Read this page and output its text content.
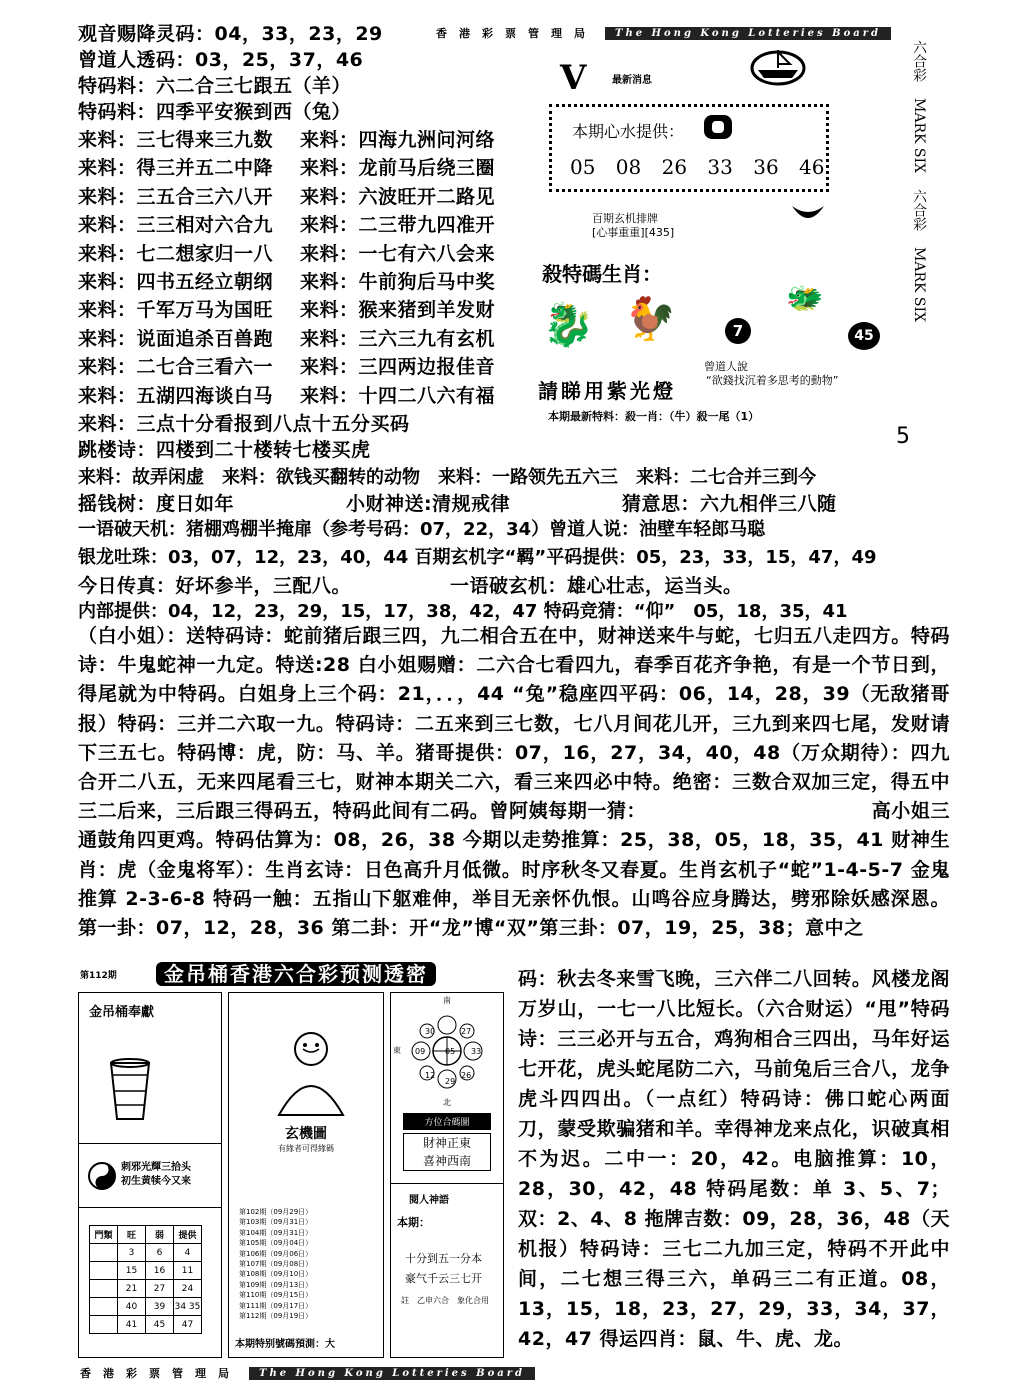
香港彩票管理局	The Hong Kong Lotteries Board
观音赐降灵码：04，33，23，29
曾道人透码：03，25，37，46
特码料：六二合三七跟五（羊）
特码料：四季平安猴到西（兔）
来料：三七得来三九数 来料：四海九洲问河络
来料：得三并五二中降 来料：龙前马后绕三圈
来料：三五合三六八开 来料：六波旺开二路见
来料：三三相对六合九 来料：二三带九四准开
来料：七二想家归一八 来料：一七有六八会来
来料：四书五经立朝纲 来料：牛前狗后马中奖
来料：千军万马为国旺 来料：猴来猪到羊发财
来料：说面追杀百兽跑 来料：三六三九有玄机
来料：二七合三看六一 来料：三四两边报佳音
来料：五湖四海谈白马 来料：十四二八六有福
来料：三点十分看报到八点十五分买码
跳楼诗：四楼到二十楼转七楼买虎
来料：故弄闲虚　来料：欲钱买翻转的动物　来料：一路领先五六三　来料：二七合并三到今
摇钱树：度日如年	小财神送:清规戒律	猜意思：六九相伴三八随
一语破天机：猪棚鸡棚半掩扉（参考号码：07，22，34）曾道人说：油壁车轻郎马聪
银龙吐珠：03，07，12，23，40，44 百期玄机字“羁”平码提供：05，23，33，15，47，49
今日传真：好坏参半，三配八。	一语破玄机：雄心壮志，运当头。
内部提供：04，12，23，29，15，17，38，42，47 特码竞猜：“仰”　05，18，35，41
（白小姐）：送特码诗：蛇前猪后跟三四，九二相合五在中，财神送来牛与蛇，七归五八走四方。特码诗：牛鬼蛇神一九定。特送:28 白小姐赐赠：二六合七看四九，春季百花齐争艳，有是一个节日到，得尾就为中特码。白姐身上三个码：21，．．，44 “兔”稳座四平码：06，14，28，39（无敌猪哥报）特码：三并二六取一九。特码诗：二五来到三七数，七八月间花儿开，三九到来四七尾，发财请下三五七。特码博：虎，防：马、羊。猪哥提供：07，16，27，34，40，48（万众期待）：四九合开二八五，无来四尾看三七，财神本期关二六，看三来四必中特。绝密：三数合双加三定，得五中三二后来，三后跟三得码五，特码此间有二码。曾阿姨每期一猜：　　　　　　　　　　　　高小姐三通鼓角四更鸡。特码估算为：08，26，38 今期以走势推算：25，38，05，18，35，41 财神生肖：虎（金鬼将军）：生肖玄诗：日色高升月低微。时序秋冬又春夏。生肖玄机子“蛇”1-4-5-7 金鬼推算 2-3-6-8 特码一触：五指山下躯难伸，举目无亲怀仇恨。山鸣谷应身腾达，劈邪除妖感深恩。第一卦：07，12，28，36 第二卦：开“龙”博“双”第三卦：07，19，25，38；意中之
码：秋去冬来雪飞晚，三六伴二八回转。风楼龙阁万岁山，一七一八比短长。（六合财运）“甩”特码诗：三三必开与五合，鸡狗相合三四出，马年好运七开花，虎头蛇尾防二六，马前兔后三合八，龙争虎斗四四出。（一点红）特码诗：佛口蛇心两面刀，蒙受欺骗猪和羊。幸得神龙来点化，识破真相不为迟。二中一：20，42。电脑推算：10，28，30，42，48 特码尾数：单 3、5、7；双：2、4、8 拖牌吉数：09，28，36，48（天机报）特码诗：三七二九加三定，特码不开此中间，二七想三得三六，单码三二有正道。08，13，15，18，23，27，29，33，34，37，42，47 得运四肖：鼠、牛、虎、龙。
六合彩
MARK SIX
六合彩
MARK SIX
V	最新消息
本期心水提供：
05 08 26 33 36 46
百期玄机排牌
[心事重重][435]
殺特碼生肖：
🐉 🐓	🐲
7	45
曾道人說
“欲錢找沉着多思考的動物”
請睇用紫光燈
本期最新特料：殺一肖：（牛）殺一尾（1）
5
第112期	金吊桶香港六合彩预测透密
金吊桶奉獻
刺邪光輝三拾头
初生黄犊今又来
門類	旺	弱	提供
	3	6	4
	15	16	11
	21	27	24
	40	39	34 35
	41	45	47
玄機圖
有緣者可得緣碼
第102期（09月29日）
第103期（09月31日）
第104期（09月31日）
第105期（09月04日）
第106期（09月06日）
第107期（09月08日）
第108期（09月10日）
第109期（09月13日）
第110期（09月15日）
第111期（09月17日）
第112期（09月19日）
本期特别號碼預測：大
南
北
東
30	27
05 33
09
12
29
26
方位合碼圖
財神正東
喜神西南
閱人神語
本期：
十分到五一分本
豪气千云三七开
註　乙申六合　象化合用
香港彩票管理局	The Hong Kong Lotteries Board
